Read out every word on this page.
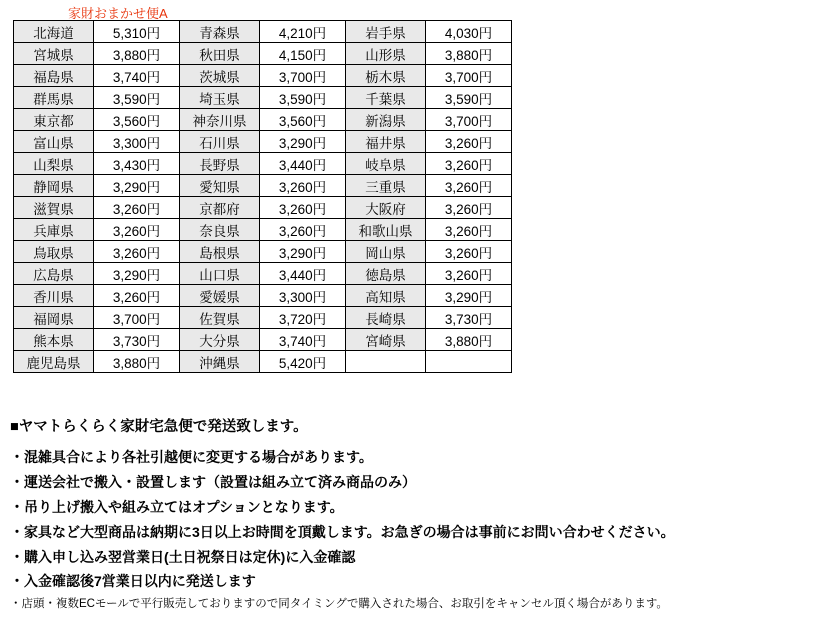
家財おまかせ便A
北海道	5,310円	青森県	4,210円	岩手県	4,030円
宮城県	3,880円	秋田県	4,150円	山形県	3,880円
福島県	3,740円	茨城県	3,700円	栃木県	3,700円
群馬県	3,590円	埼玉県	3,590円	千葉県	3,590円
東京都	3,560円	神奈川県	3,560円	新潟県	3,700円
富山県	3,300円	石川県	3,290円	福井県	3,260円
山梨県	3,430円	長野県	3,440円	岐阜県	3,260円
静岡県	3,290円	愛知県	3,260円	三重県	3,260円
滋賀県	3,260円	京都府	3,260円	大阪府	3,260円
兵庫県	3,260円	奈良県	3,260円	和歌山県	3,260円
鳥取県	3,260円	島根県	3,290円	岡山県	3,260円
広島県	3,290円	山口県	3,440円	徳島県	3,260円
香川県	3,260円	愛媛県	3,300円	高知県	3,290円
福岡県	3,700円	佐賀県	3,720円	長崎県	3,730円
熊本県	3,730円	大分県	3,740円	宮崎県	3,880円
鹿児島県	3,880円	沖縄県	5,420円		

■ヤマトらくらく家財宅急便で発送致します。

・混雑具合により各社引越便に変更する場合があります。

・運送会社で搬入・設置します（設置は組み立て済み商品のみ）

・吊り上げ搬入や組み立てはオプションとなります。

・家具など大型商品は納期に3日以上お時間を頂戴します。お急ぎの場合は事前にお問い合わせください。

・購入申し込み翌営業日(土日祝祭日は定休)に入金確認

・入金確認後7営業日以内に発送します

・店頭・複数ECモールで平行販売しておりますので同タイミングで購入された場合、お取引をキャンセル頂く場合があります。
